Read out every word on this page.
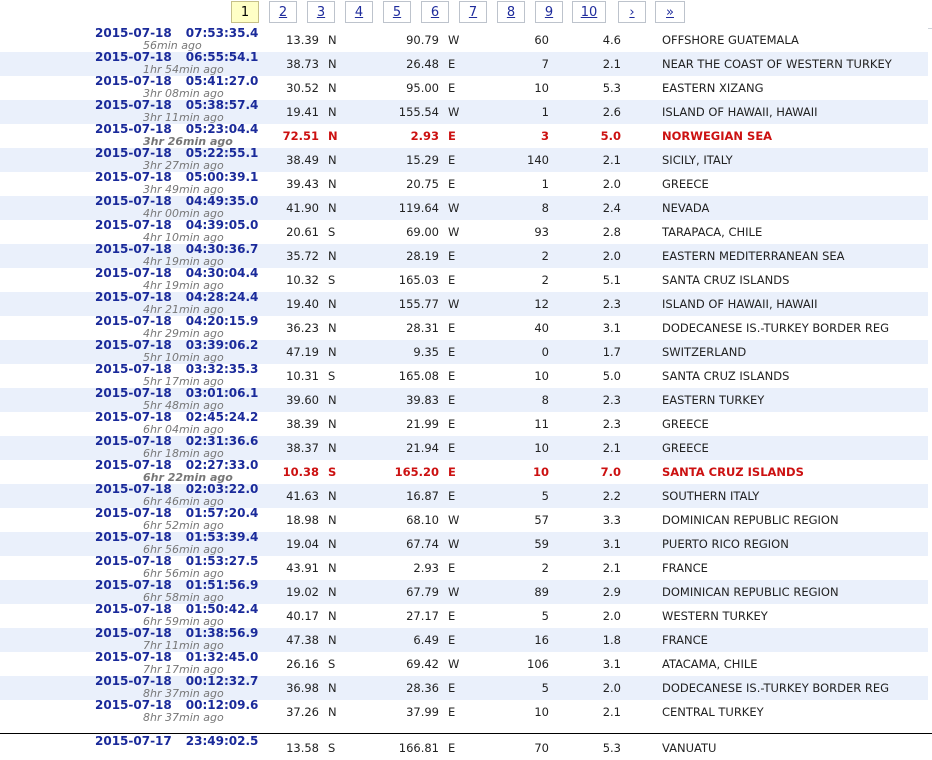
1	2	3	4	5	6	7	8	9	10	›	»
2015-07-18 07:53:35.4
56min ago	13.39	N	90.79	W	60	4.6	OFFSHORE GUATEMALA

2015-07-18 06:55:54.1
1hr 54min ago	38.73	N	26.48	E	7	2.1	NEAR THE COAST OF WESTERN TURKEY

2015-07-18 05:41:27.0
3hr 08min ago	30.52	N	95.00	E	10	5.3	EASTERN XIZANG

2015-07-18 05:38:57.4
3hr 11min ago	19.41	N	155.54	W	1	2.6	ISLAND OF HAWAII, HAWAII

2015-07-18 05:23:04.4
3hr 26min ago	72.51	N	2.93	E	3	5.0	NORWEGIAN SEA

2015-07-18 05:22:55.1
3hr 27min ago	38.49	N	15.29	E	140	2.1	SICILY, ITALY

2015-07-18 05:00:39.1
3hr 49min ago	39.43	N	20.75	E	1	2.0	GREECE

2015-07-18 04:49:35.0
4hr 00min ago	41.90	N	119.64	W	8	2.4	NEVADA

2015-07-18 04:39:05.0
4hr 10min ago	20.61	S	69.00	W	93	2.8	TARAPACA, CHILE

2015-07-18 04:30:36.7
4hr 19min ago	35.72	N	28.19	E	2	2.0	EASTERN MEDITERRANEAN SEA

2015-07-18 04:30:04.4
4hr 19min ago	10.32	S	165.03	E	2	5.1	SANTA CRUZ ISLANDS

2015-07-18 04:28:24.4
4hr 21min ago	19.40	N	155.77	W	12	2.3	ISLAND OF HAWAII, HAWAII

2015-07-18 04:20:15.9
4hr 29min ago	36.23	N	28.31	E	40	3.1	DODECANESE IS.-TURKEY BORDER REG

2015-07-18 03:39:06.2
5hr 10min ago	47.19	N	9.35	E	0	1.7	SWITZERLAND

2015-07-18 03:32:35.3
5hr 17min ago	10.31	S	165.08	E	10	5.0	SANTA CRUZ ISLANDS

2015-07-18 03:01:06.1
5hr 48min ago	39.60	N	39.83	E	8	2.3	EASTERN TURKEY

2015-07-18 02:45:24.2
6hr 04min ago	38.39	N	21.99	E	11	2.3	GREECE

2015-07-18 02:31:36.6
6hr 18min ago	38.37	N	21.94	E	10	2.1	GREECE

2015-07-18 02:27:33.0
6hr 22min ago	10.38	S	165.20	E	10	7.0	SANTA CRUZ ISLANDS

2015-07-18 02:03:22.0
6hr 46min ago	41.63	N	16.87	E	5	2.2	SOUTHERN ITALY

2015-07-18 01:57:20.4
6hr 52min ago	18.98	N	68.10	W	57	3.3	DOMINICAN REPUBLIC REGION

2015-07-18 01:53:39.4
6hr 56min ago	19.04	N	67.74	W	59	3.1	PUERTO RICO REGION

2015-07-18 01:53:27.5
6hr 56min ago	43.91	N	2.93	E	2	2.1	FRANCE

2015-07-18 01:51:56.9
6hr 58min ago	19.02	N	67.79	W	89	2.9	DOMINICAN REPUBLIC REGION

2015-07-18 01:50:42.4
6hr 59min ago	40.17	N	27.17	E	5	2.0	WESTERN TURKEY

2015-07-18 01:38:56.9
7hr 11min ago	47.38	N	6.49	E	16	1.8	FRANCE

2015-07-18 01:32:45.0
7hr 17min ago	26.16	S	69.42	W	106	3.1	ATACAMA, CHILE

2015-07-18 00:12:32.7
8hr 37min ago	36.98	N	28.36	E	5	2.0	DODECANESE IS.-TURKEY BORDER REG

2015-07-18 00:12:09.6
8hr 37min ago	37.26	N	37.99	E	10	2.1	CENTRAL TURKEY
2015-07-17 23:49:02.5	13.58	S	166.81	E	70	5.3	VANUATU
